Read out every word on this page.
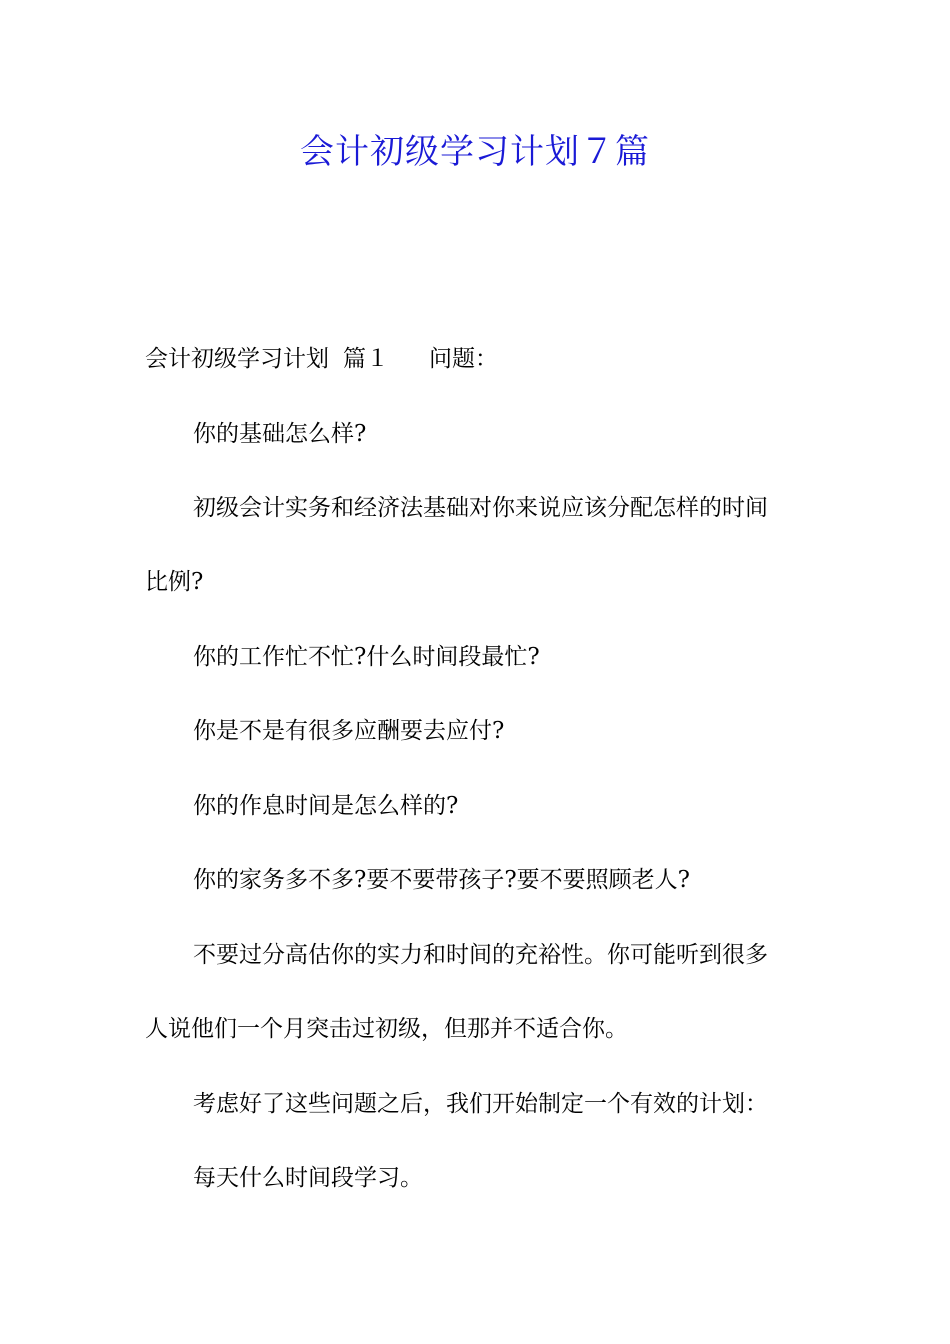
会计初级学习计划７篇
会计初级学习计划 篇１ 问题：
你的基础怎么样?
初级会计实务和经济法基础对你来说应该分配怎样的时间
比例?
你的工作忙不忙?什么时间段最忙?
你是不是有很多应酬要去应付?
你的作息时间是怎么样的?
你的家务多不多?要不要带孩子?要不要照顾老人?
不要过分高估你的实力和时间的充裕性。你可能听到很多
人说他们一个月突击过初级，但那并不适合你。
考虑好了这些问题之后，我们开始制定一个有效的计划：
每天什么时间段学习。
